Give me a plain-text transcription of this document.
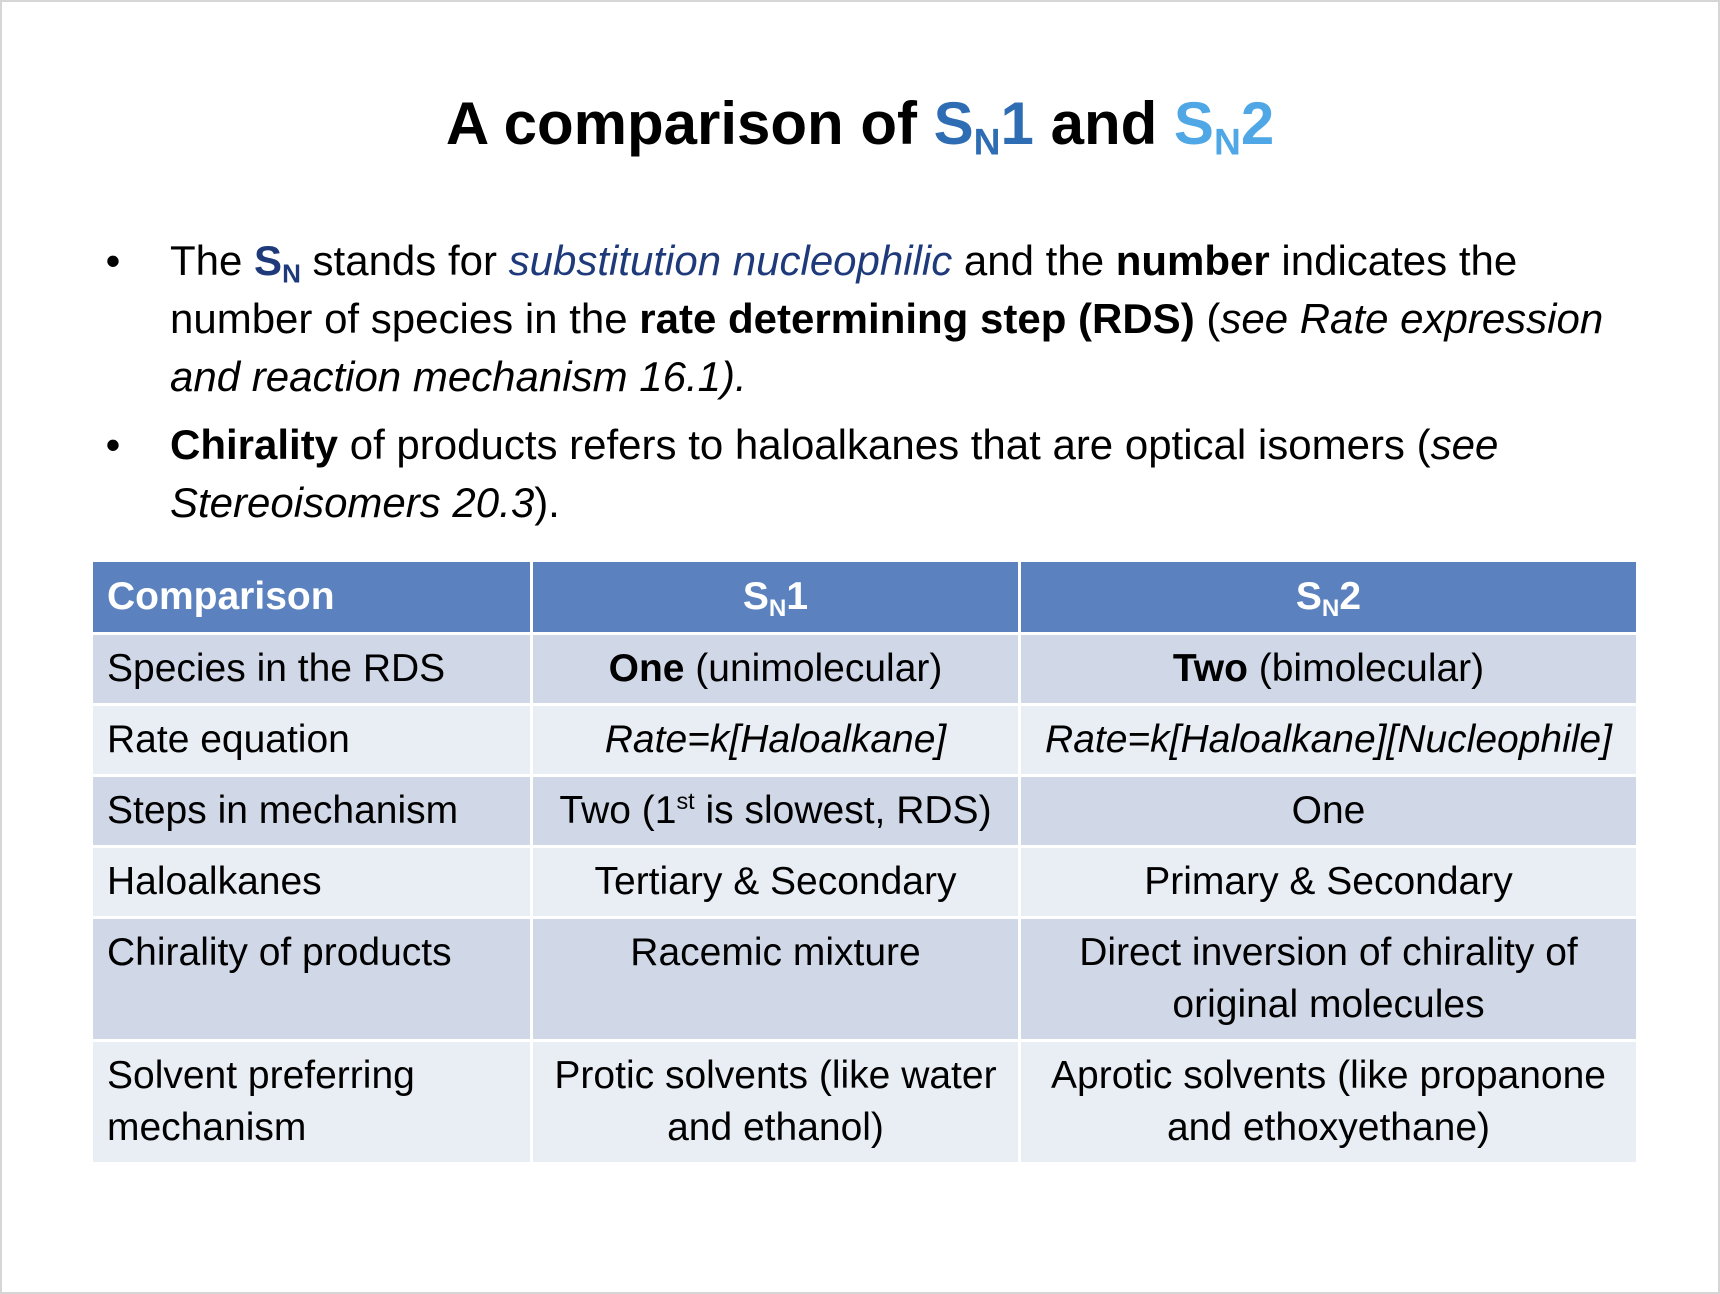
A comparison of $S_N1$ and $S_N2$
• The $S_N$ stands for substitution nucleophilic and the number indicates the number of species in the rate determining step (RDS) (see Rate expression and reaction mechanism 16.1).
• Chirality of products refers to haloalkanes that are optical isomers (see Stereoisomers 20.3).
Comparison	$S_N1$	$S_N2$
Species in the RDS	One (unimolecular)	Two (bimolecular)
Rate equation	Rate=k[Haloalkane]	Rate=k[Haloalkane][Nucleophile]
Steps in mechanism	Two (1st is slowest, RDS)	One
Haloalkanes	Tertiary & Secondary	Primary & Secondary
Chirality of products	Racemic mixture	Direct inversion of chirality of original molecules
Solvent preferring mechanism	Protic solvents (like water and ethanol)	Aprotic solvents (like propanone and ethoxyethane)
